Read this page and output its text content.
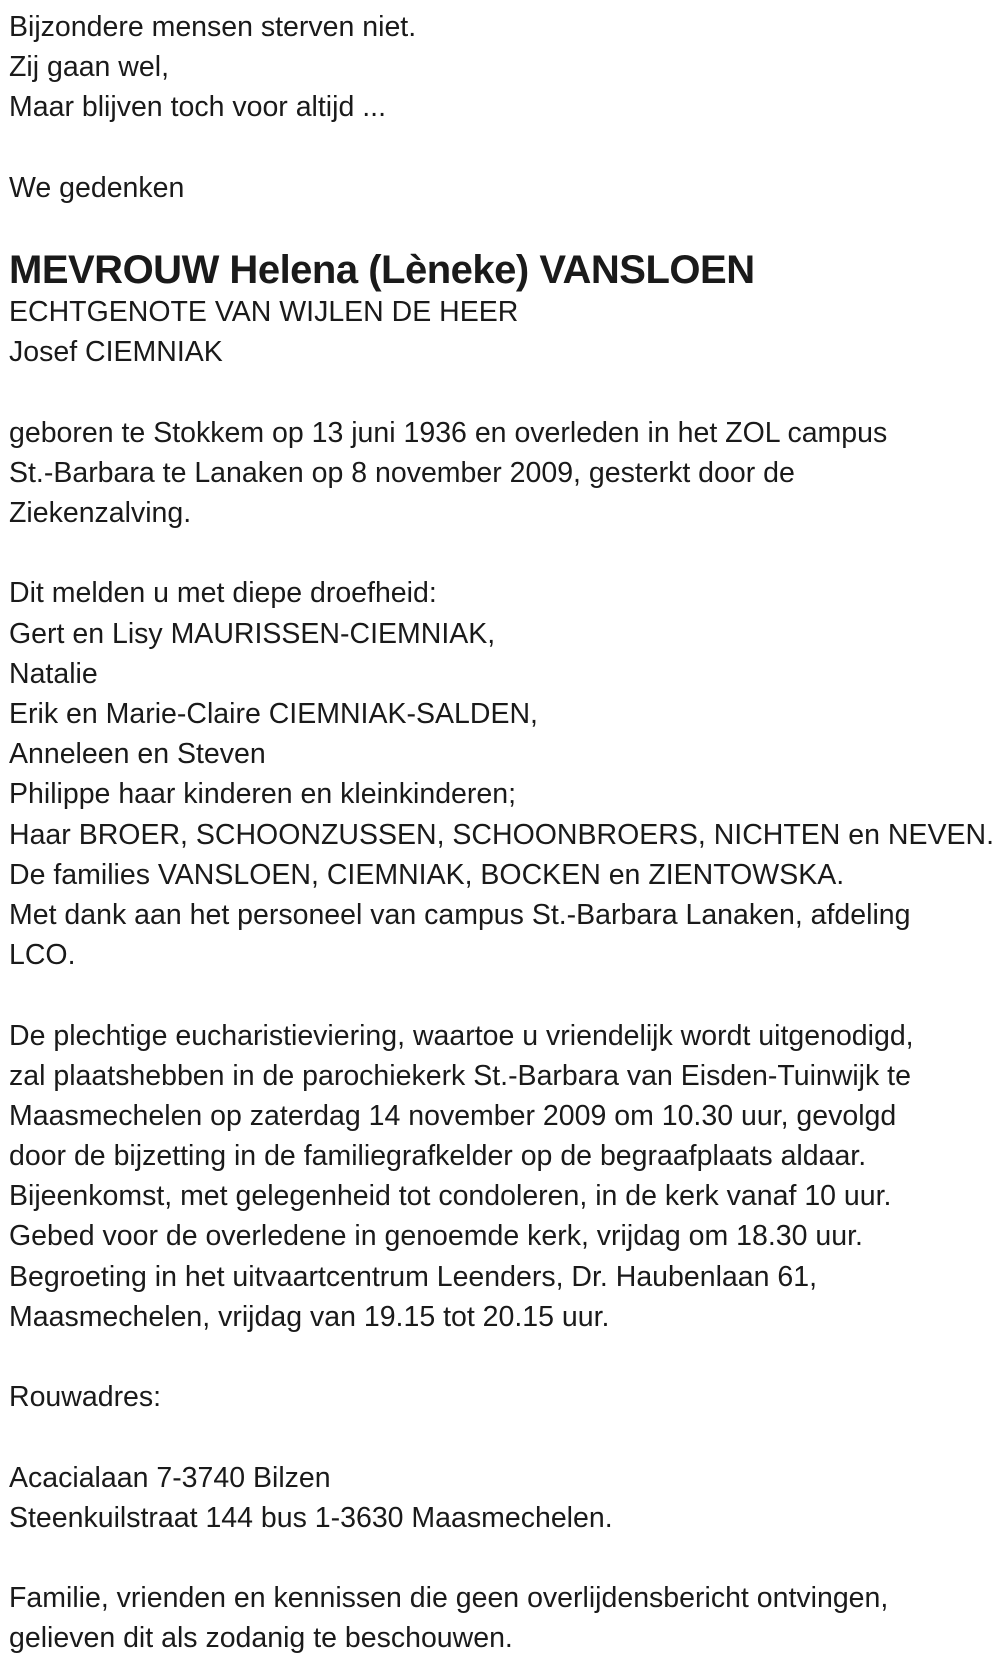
Bijzondere mensen sterven niet.
Zij gaan wel,
Maar blijven toch voor altijd ...
We gedenken
MEVROUW Helena (Lèneke) VANSLOEN
ECHTGENOTE VAN WIJLEN DE HEER
Josef CIEMNIAK
geboren te Stokkem op 13 juni 1936 en overleden in het ZOL campus
St.-Barbara te Lanaken op 8 november 2009, gesterkt door de
Ziekenzalving.
Dit melden u met diepe droefheid:
Gert en Lisy MAURISSEN-CIEMNIAK,
Natalie
Erik en Marie-Claire CIEMNIAK-SALDEN,
Anneleen en Steven
Philippe haar kinderen en kleinkinderen;
Haar BROER, SCHOONZUSSEN, SCHOONBROERS, NICHTEN en NEVEN.
De families VANSLOEN, CIEMNIAK, BOCKEN en ZIENTOWSKA.
Met dank aan het personeel van campus St.-Barbara Lanaken, afdeling
LCO.
De plechtige eucharistieviering, waartoe u vriendelijk wordt uitgenodigd,
zal plaatshebben in de parochiekerk St.-Barbara van Eisden-Tuinwijk te
Maasmechelen op zaterdag 14 november 2009 om 10.30 uur, gevolgd
door de bijzetting in de familiegrafkelder op de begraafplaats aldaar.
Bijeenkomst, met gelegenheid tot condoleren, in de kerk vanaf 10 uur.
Gebed voor de overledene in genoemde kerk, vrijdag om 18.30 uur.
Begroeting in het uitvaartcentrum Leenders, Dr. Haubenlaan 61,
Maasmechelen, vrijdag van 19.15 tot 20.15 uur.
Rouwadres:
Acacialaan 7-3740 Bilzen
Steenkuilstraat 144 bus 1-3630 Maasmechelen.
Familie, vrienden en kennissen die geen overlijdensbericht ontvingen,
gelieven dit als zodanig te beschouwen.
